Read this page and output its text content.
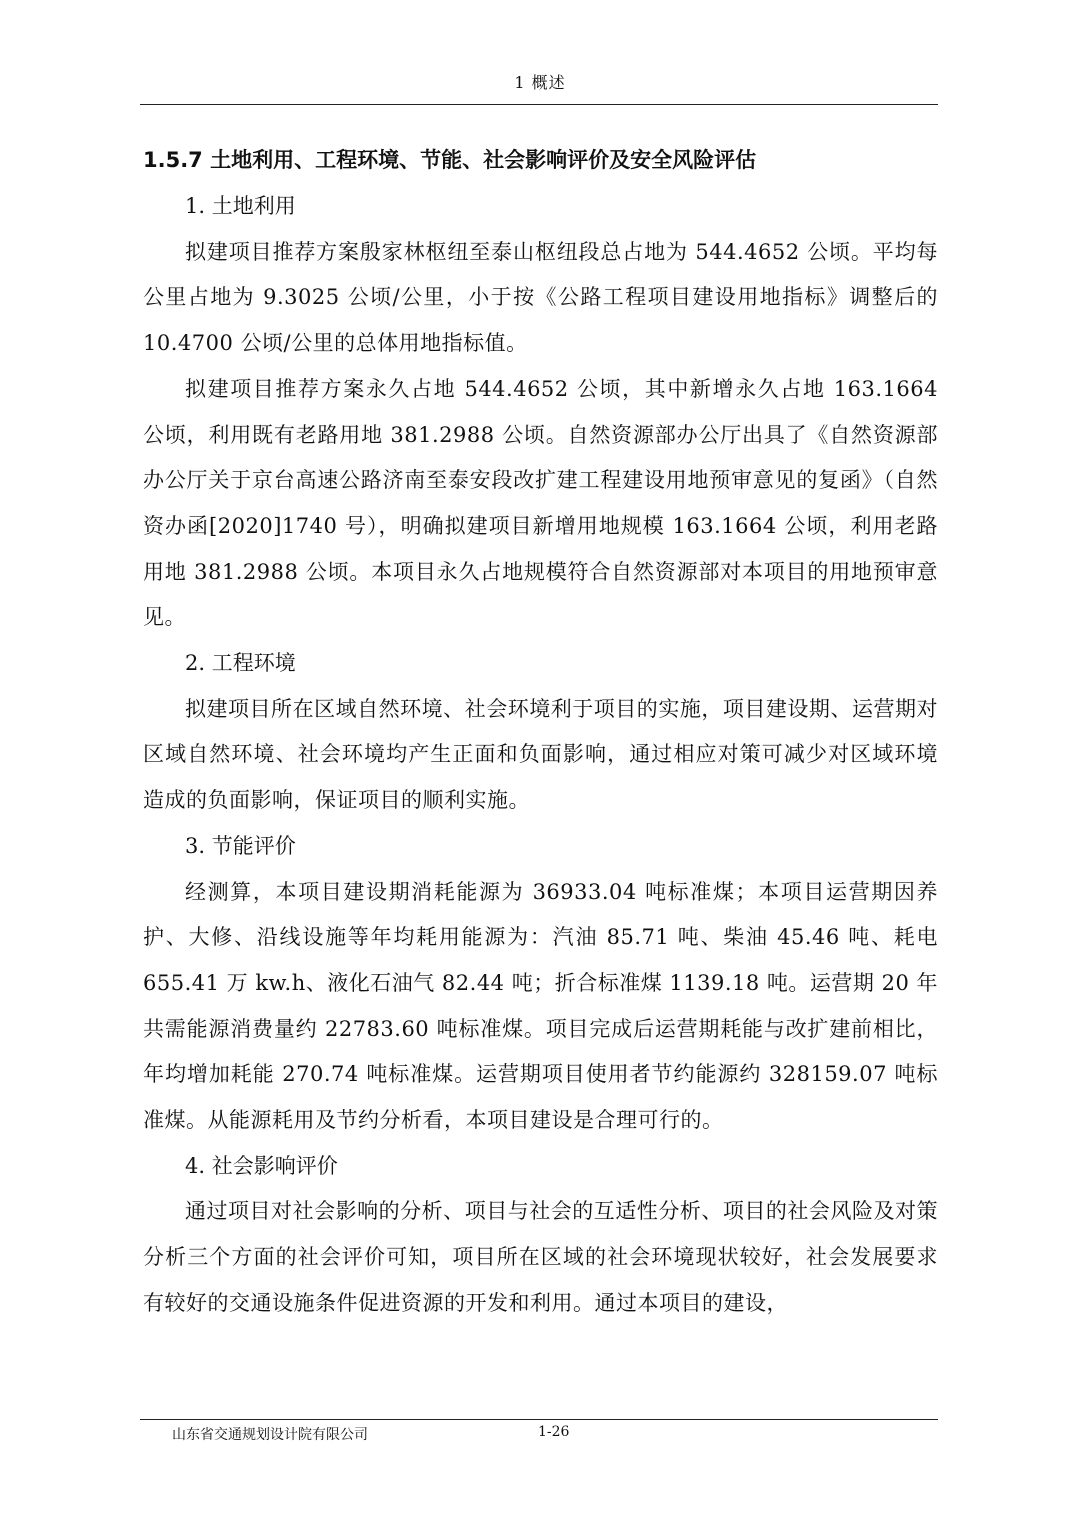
1 概述
1.5.7 土地利用、工程环境、节能、社会影响评价及安全风险评估
1. 土地利用

拟建项目推荐方案殷家林枢纽至泰山枢纽段总占地为 544.4652 公顷。平均每公里占地为 9.3025 公顷/公里，小于按《公路工程项目建设用地指标》调整后的 10.4700 公顷/公里的总体用地指标值。

拟建项目推荐方案永久占地 544.4652 公顷，其中新增永久占地 163.1664 公顷，利用既有老路用地 381.2988 公顷。自然资源部办公厅出具了《自然资源部办公厅关于京台高速公路济南至泰安段改扩建工程建设用地预审意见的复函》（自然资办函[2020]1740 号），明确拟建项目新增用地规模 163.1664 公顷，利用老路用地 381.2988 公顷。本项目永久占地规模符合自然资源部对本项目的用地预审意见。

2. 工程环境

拟建项目所在区域自然环境、社会环境利于项目的实施，项目建设期、运营期对区域自然环境、社会环境均产生正面和负面影响，通过相应对策可减少对区域环境造成的负面影响，保证项目的顺利实施。

3. 节能评价

经测算，本项目建设期消耗能源为 36933.04 吨标准煤；本项目运营期因养护、大修、沿线设施等年均耗用能源为：汽油 85.71 吨、柴油 45.46 吨、耗电 655.41 万 kw.h、液化石油气 82.44 吨；折合标准煤 1139.18 吨。运营期 20 年共需能源消费量约 22783.60 吨标准煤。项目完成后运营期耗能与改扩建前相比，年均增加耗能 270.74 吨标准煤。运营期项目使用者节约能源约 328159.07 吨标准煤。从能源耗用及节约分析看，本项目建设是合理可行的。

4. 社会影响评价

通过项目对社会影响的分析、项目与社会的互适性分析、项目的社会风险及对策分析三个方面的社会评价可知，项目所在区域的社会环境现状较好，社会发展要求有较好的交通设施条件促进资源的开发和利用。通过本项目的建设，

山东省交通规划设计院有限公司	1-26
